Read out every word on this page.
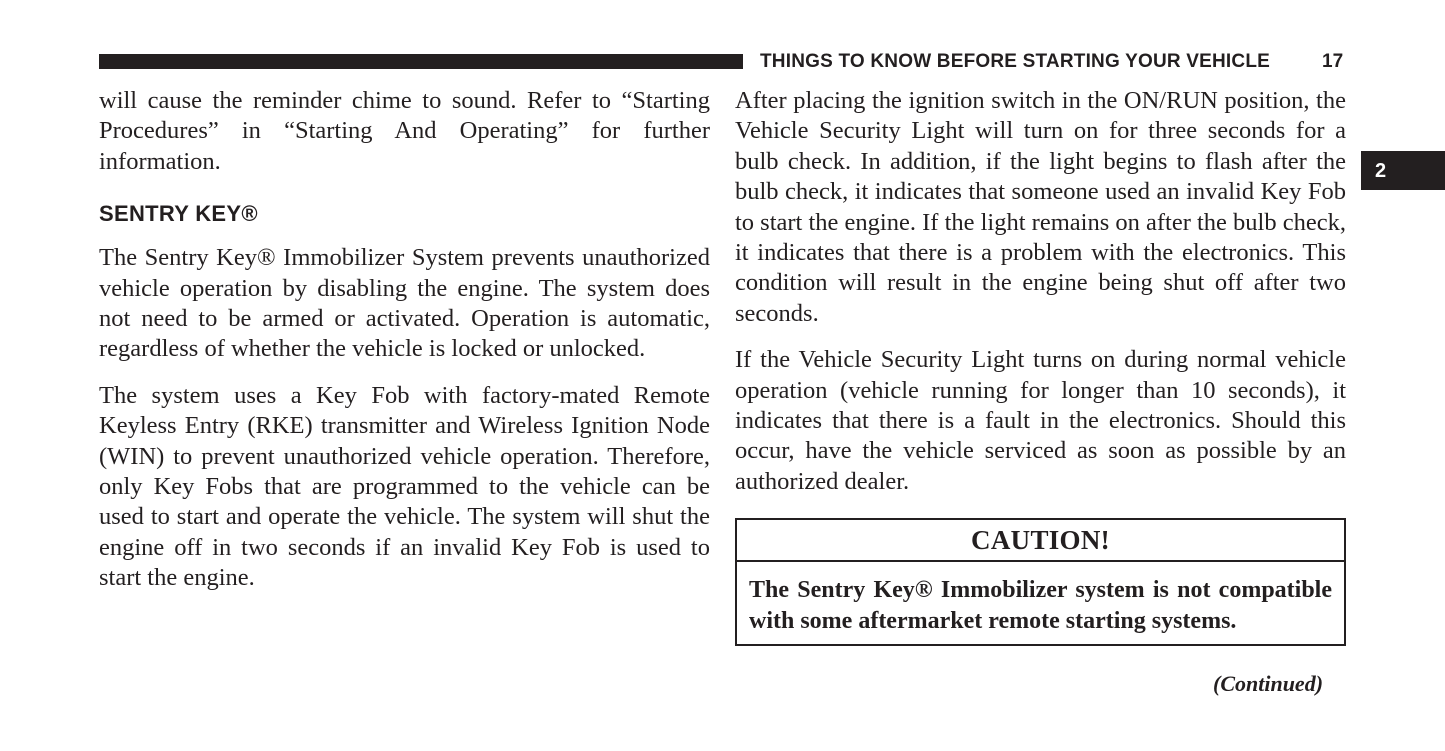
THINGS TO KNOW BEFORE STARTING YOUR VEHICLE	17
2

will cause the reminder chime to sound. Refer to “Starting Procedures” in “Starting And Operating” for further information.

SENTRY KEY®

The Sentry Key® Immobilizer System prevents unauthorized vehicle operation by disabling the engine. The system does not need to be armed or activated. Operation is automatic, regardless of whether the vehicle is locked or unlocked.

The system uses a Key Fob with factory-mated Remote Keyless Entry (RKE) transmitter and Wireless Ignition Node (WIN) to prevent unauthorized vehicle operation. Therefore, only Key Fobs that are programmed to the vehicle can be used to start and operate the vehicle. The system will shut the engine off in two seconds if an invalid Key Fob is used to start the engine.

After placing the ignition switch in the ON/RUN position, the Vehicle Security Light will turn on for three seconds for a bulb check. In addition, if the light begins to flash after the bulb check, it indicates that someone used an invalid Key Fob to start the engine. If the light remains on after the bulb check, it indicates that there is a problem with the electronics. This condition will result in the engine being shut off after two seconds.

If the Vehicle Security Light turns on during normal vehicle operation (vehicle running for longer than 10 seconds), it indicates that there is a fault in the electronics. Should this occur, have the vehicle serviced as soon as possible by an authorized dealer.

CAUTION!
The Sentry Key® Immobilizer system is not compatible with some aftermarket remote starting systems.
(Continued)
